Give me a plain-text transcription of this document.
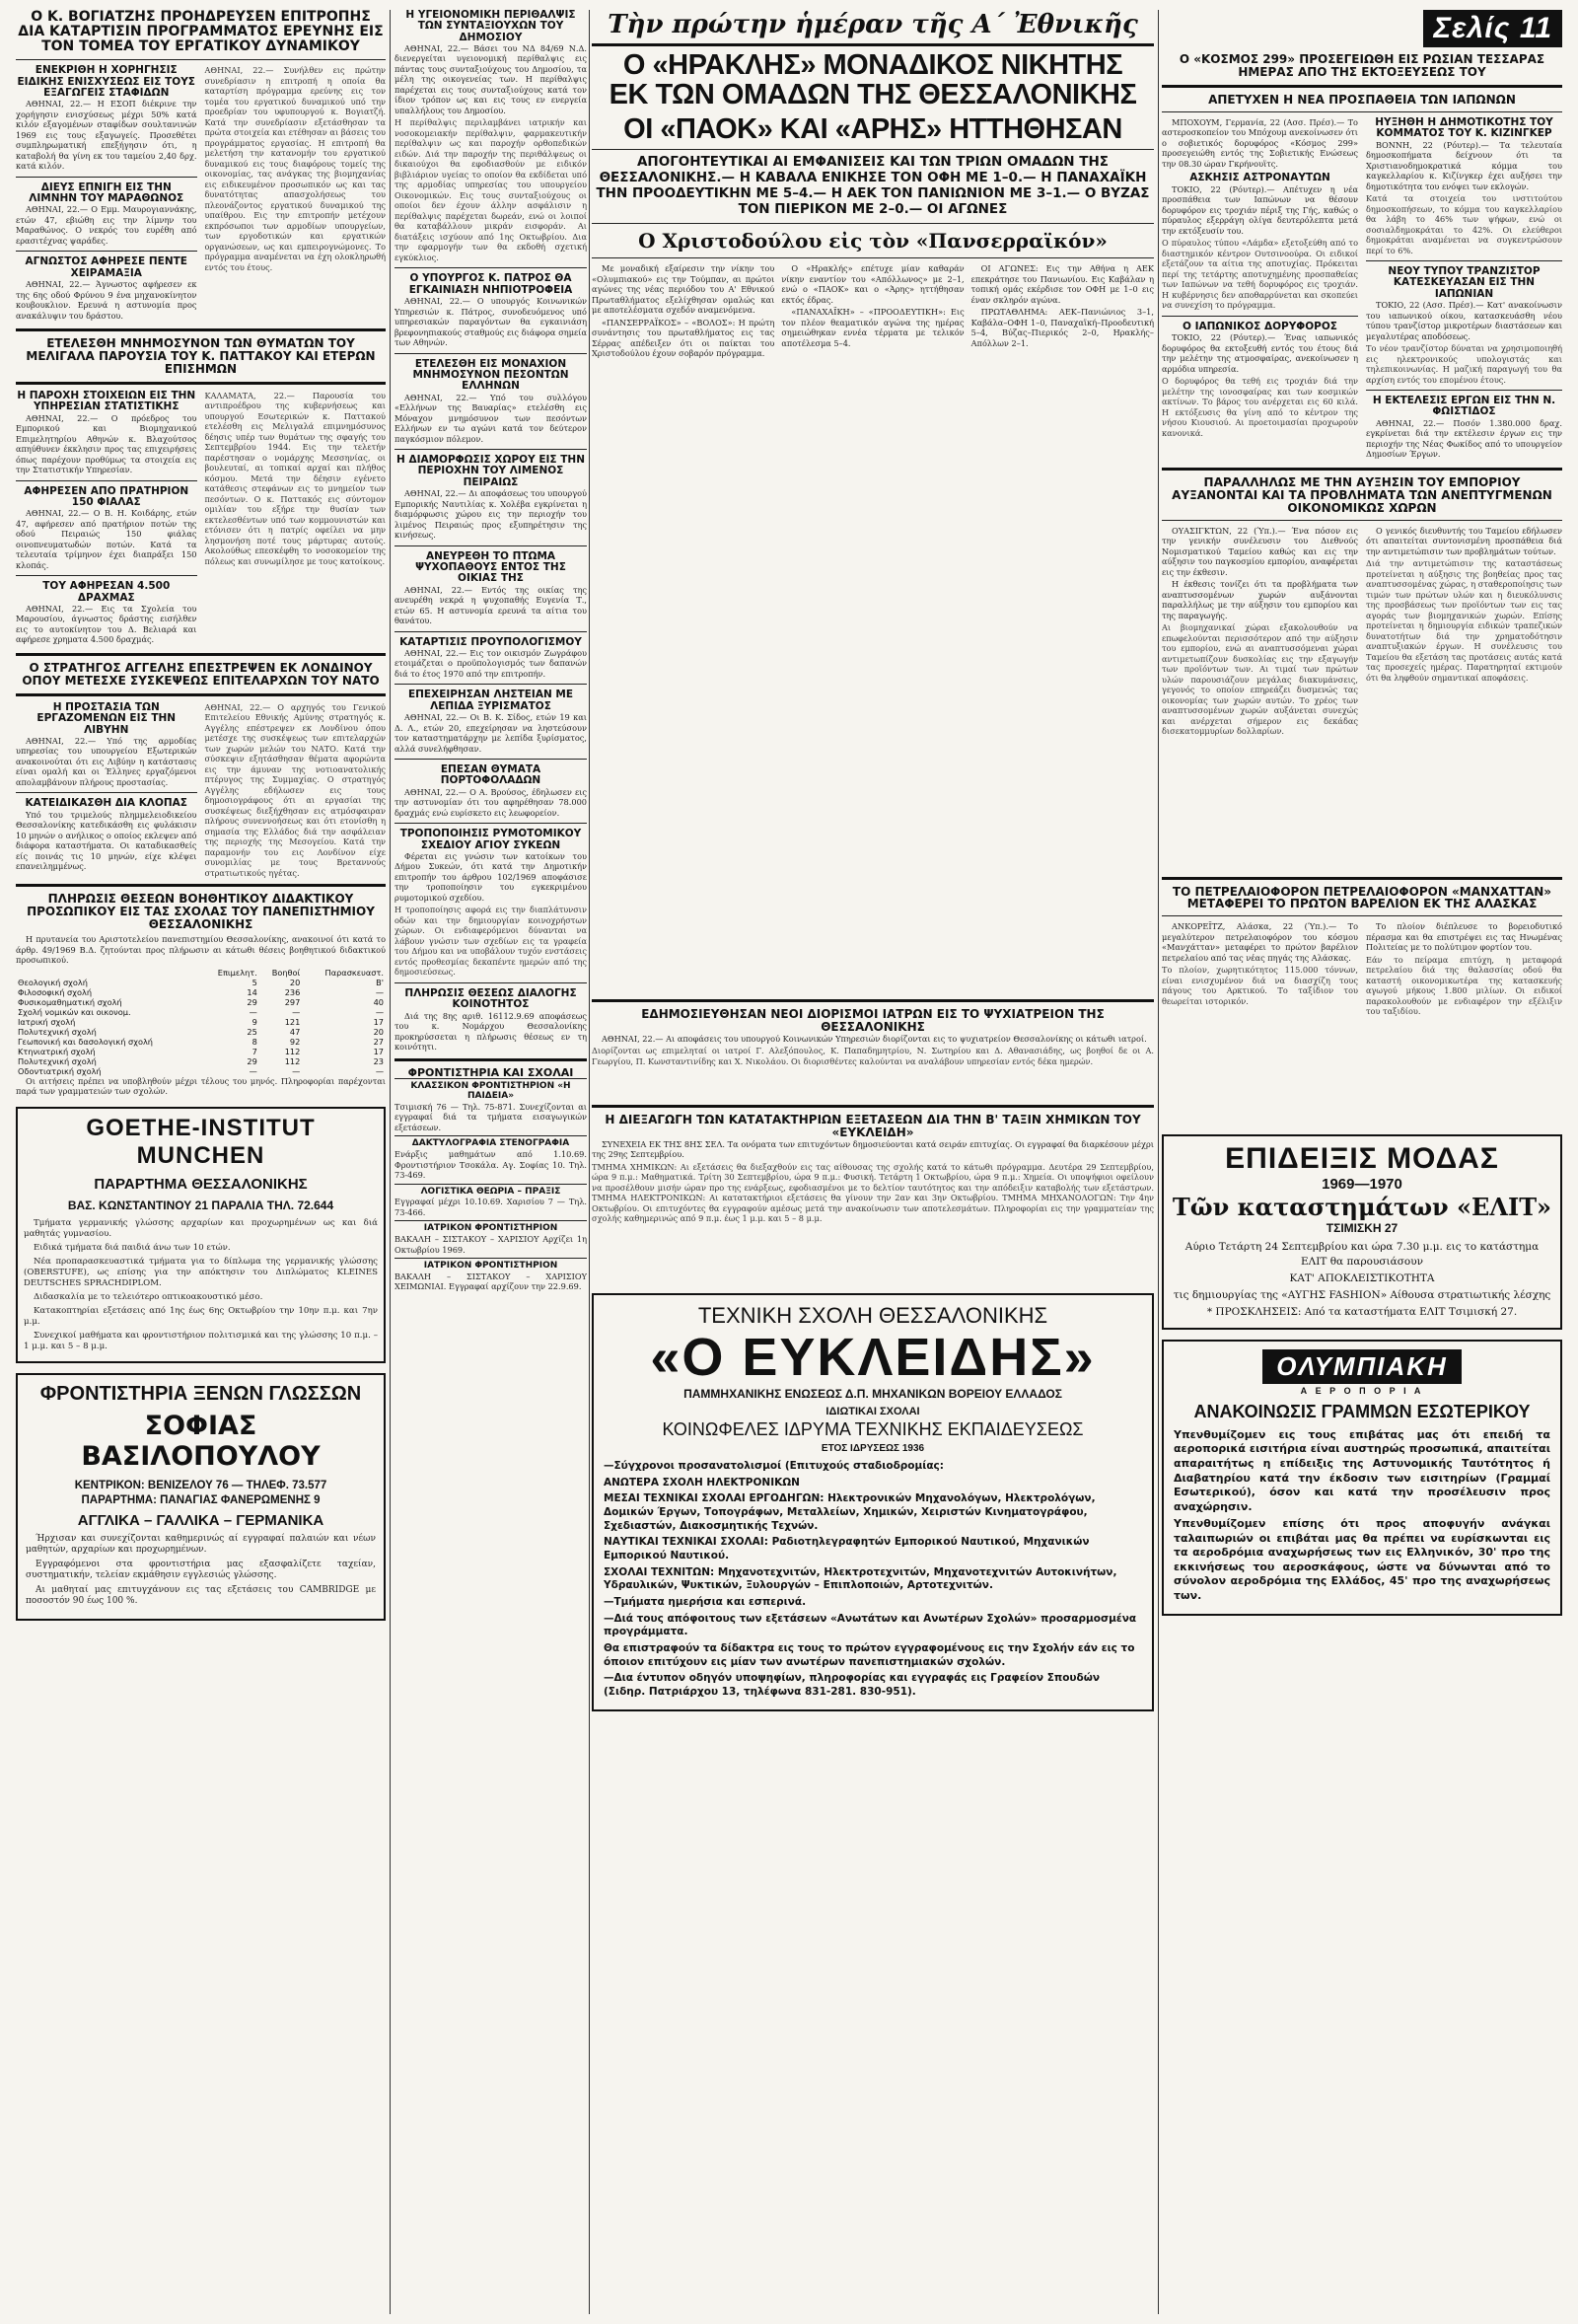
Ο Κ. ΒΟΓΙΑΤΖΗΣ ΠΡΟΗΔΡΕΥΣΕΝ ΕΠΙΤΡΟΠΗΣ ΔΙΑ ΚΑΤΑΡΤΙΣΙΝ ΠΡΟΓΡΑΜΜΑΤΟΣ ΕΡΕΥΝΗΣ ΕΙΣ ΤΟΝ ΤΟΜΕΑ ΤΟΥ ΕΡΓΑΤΙΚΟΥ ΔΥΝΑΜΙΚΟΥ
ΕΝΕΚΡΙΘΗ Η ΧΟΡΗΓΗΣΙΣ ΕΙΔΙΚΗΣ ΕΝΙΣΧΥΣΕΩΣ ΕΙΣ ΤΟΥΣ ΕΞΑΓΩΓΕΙΣ ΣΤΑΦΙΔΩΝ

ΑΘΗΝΑΙ, 22.— Η ΕΣΟΠ διέκρινε την χορήγησιν ενισχύσεως μέχρι 50% κατά κιλόν εξαγομένων σταφίδων σουλτανινών 1969 εις τους εξαγωγείς. Προσεθέτει συμπληρωματική επεξήγησιν ότι, η καταβολή θα γίνη εκ του ταμείου 2,40 δρχ. κατά κιλόν.

ΔΙΕΥΣ ΕΠΝΙΓΗ ΕΙΣ ΤΗΝ ΛΙΜΝΗΝ ΤΟΥ ΜΑΡΑΘΩΝΟΣ

ΑΘΗΝΑΙ, 22.— Ο Εμμ. Μαυρογιαννάκης, ετών 47, εβιώθη εις την λίμνην του Μαραθώνος. Ο νεκρός του ευρέθη από ερασιτέχνας ψαράδες.

ΑΓΝΩΣΤΟΣ ΑΦΗΡΕΣΕ ΠΕΝΤΕ ΧΕΙΡΑΜΑΞΙΑ

ΑΘΗΝΑΙ, 22.— Άγνωστος αφήρεσεν εκ της 6ης οδού Φρύνου 9 ένα μηχανοκίνητον κουβουκλιον. Ερευνά η αστυνομία προς ανακάλυψιν του δράστου.

ΑΘΗΝΑΙ, 22.— Συνήλθεν εις πρώτην συνεδρίασιν η επιτροπή η οποία θα καταρτίση πρόγραμμα ερεύνης εις τον τομέα του εργατικού δυναμικού υπό την προεδρίαν του υφυπουργού κ. Βογιατζή. Κατά την συνεδρίασιν εξετάσθησαν τα πρώτα στοιχεία και ετέθησαν αι βάσεις του προγράμματος εργασίας. Η επιτροπή θα μελετήση την κατανομήν του εργατικού δυναμικού εις τους διαφόρους τομείς της οικονομίας, τας ανάγκας της βιομηχανίας εις ειδικευμένον προσωπικόν ως και τας δυνατότητας απασχολήσεως του πλεονάζοντος εργατικού δυναμικού της υπαίθρου. Εις την επιτροπήν μετέχουν εκπρόσωποι των αρμοδίων υπουργείων, των εργοδοτικών και εργατικών οργανώσεων, ως και εμπειρογνώμονες. Το πρόγραμμα αναμένεται να έχη ολοκληρωθή εντός του έτους.
ΕΤΕΛΕΣΘΗ ΜΝΗΜΟΣΥΝΟΝ ΤΩΝ ΘΥΜΑΤΩΝ ΤΟΥ ΜΕΛΙΓΑΛΑ ΠΑΡΟΥΣΙΑ ΤΟΥ Κ. ΠΑΤΤΑΚΟΥ ΚΑΙ ΕΤΕΡΩΝ ΕΠΙΣΗΜΩΝ
Η ΠΑΡΟΧΗ ΣΤΟΙΧΕΙΩΝ ΕΙΣ ΤΗΝ ΥΠΗΡΕΣΙΑΝ ΣΤΑΤΙΣΤΙΚΗΣ

ΑΘΗΝΑΙ, 22.— Ο πρόεδρος του Εμπορικού και Βιομηχανικού Επιμελητηρίου Αθηνών κ. Βλαχούτσος απηύθυνεν έκκλησιν προς τας επιχειρήσεις όπως παρέχουν προθύμως τα στοιχεία εις την Στατιστικήν Υπηρεσίαν.

ΑΦΗΡΕΣΕΝ ΑΠΟ ΠΡΑΤΗΡΙΟΝ 150 ΦΙΑΛΑΣ

ΑΘΗΝΑΙ, 22.— Ο Β. Η. Κοιδάρης, ετών 47, αφήρεσεν από πρατήριον ποτών της οδού Πειραιώς 150 φιάλας οινοπνευματωδών ποτών. Κατά τα τελευταία τρίμηνον έχει διαπράξει 150 κλοπάς.

ΤΟΥ ΑΦΗΡΕΣΑΝ 4.500 ΔΡΑΧΜΑΣ

ΑΘΗΝΑΙ, 22.— Εις τα Σχολεία του Μαρουσίου, άγνωστος δράστης εισήλθεν εις το αυτοκίνητον του Δ. Βελιαρά και αφήρεσε χρηματα 4.500 δραχμάς.

ΚΑΛΑΜΑΤΑ, 22.— Παρουσία του αντιπροέδρου της κυβερνήσεως και υπουργού Εσωτερικών κ. Παττακού ετελέσθη εις Μελιγαλά επιμνημόσυνος δέησις υπέρ των θυμάτων της σφαγής του Σεπτεμβρίου 1944. Εις την τελετήν παρέστησαν ο νομάρχης Μεσσηνίας, οι βουλευταί, αι τοπικαί αρχαί και πλήθος κόσμου. Μετά την δέησιν εγένετο κατάθεσις στεφάνων εις το μνημείον των πεσόντων. Ο κ. Παττακός εις σύντομον ομιλίαν του εξήρε την θυσίαν των εκτελεσθέντων υπό των κομμουνιστών και ετόνισεν ότι η πατρίς οφείλει να μην λησμονήση ποτέ τους μάρτυρας αυτούς. Ακολούθως επεσκέφθη το νοσοκομείον της πόλεως και συνωμίλησε με τους κατοίκους.
Ο ΣΤΡΑΤΗΓΟΣ ΑΓΓΕΛΗΣ ΕΠΕΣΤΡΕΨΕΝ ΕΚ ΛΟΝΔΙΝΟΥ ΟΠΟΥ ΜΕΤΕΣΧΕ ΣΥΣΚΕΨΕΩΣ ΕΠΙΤΕΛΑΡΧΩΝ ΤΟΥ ΝΑΤΟ
Η ΠΡΟΣΤΑΣΙΑ ΤΩΝ ΕΡΓΑΖΟΜΕΝΩΝ ΕΙΣ ΤΗΝ ΛΙΒΥΗΝ

ΑΘΗΝΑΙ, 22.— Υπό της αρμοδίας υπηρεσίας του υπουργείου Εξωτερικών ανακοινούται ότι εις Λιβύην η κατάστασις είναι ομαλή και οι Έλληνες εργαζόμενοι απολαμβάνουν πλήρους προστασίας.

ΚΑΤΕΙΔΙΚΑΣΘΗ ΔΙΑ ΚΛΟΠΑΣ

Υπό του τριμελούς πλημμελειοδικείου Θεσσαλονίκης κατεδικάσθη εις φυλάκισιν 10 μηνών ο ανήλικος ο οποίος εκλεψεν από διάφορα καταστήματα. Οι καταδικασθείς είς ποινάς τις 10 μηνών, είχε κλέψει επανειλημμένως.

ΑΘΗΝΑΙ, 22.— Ο αρχηγός του Γενικού Επιτελείου Εθνικής Αμύνης στρατηγός κ. Αγγέλης επέστρεψεν εκ Λονδίνου όπου μετέσχε της συσκέψεως των επιτελαρχών των χωρών μελών του ΝΑΤΟ. Κατά την σύσκεψιν εξητάσθησαν θέματα αφορώντα εις την άμυναν της νοτιοανατολικής πτέρυγος της Συμμαχίας. Ο στρατηγός Αγγέλης εδήλωσεν εις τους δημοσιογράφους ότι αι εργασίαι της συσκέψεως διεξήχθησαν εις ατμόσφαιραν πλήρους συνεννοήσεως και ότι ετονίσθη η σημασία της Ελλάδος διά την ασφάλειαν της περιοχής της Μεσογείου. Κατά την παραμονήν του εις Λονδίνον είχε συνομιλίας με τους Βρεταννούς στρατιωτικούς ηγέτας.
ΠΛΗΡΩΣΙΣ ΘΕΣΕΩΝ ΒΟΗΘΗΤΙΚΟΥ ΔΙΔΑΚΤΙΚΟΥ ΠΡΟΣΩΠΙΚΟΥ ΕΙΣ ΤΑΣ ΣΧΟΛΑΣ ΤΟΥ ΠΑΝΕΠΙΣΤΗΜΙΟΥ ΘΕΣΣΑΛΟΝΙΚΗΣ

Η πρυτανεία του Αριστοτελείου πανεπιστημίου Θεσσαλονίκης, ανακοινοί ότι κατά το άρθρ. 49/1969 Β.Δ. ζητούνται προς πλήρωσιν αι κάτωθι θέσεις βοηθητικού διδακτικού προσωπικού.

	Επιμελητ.	Βοηθοί	Παρασκευαστ.
Θεολογική σχολή	5	20	Β'
Φιλοσοφική σχολή	14	236	—
Φυσικομαθηματική σχολή	29	297	40
Σχολή νομικών και οικονομ.	—	—	—
Ιατρική σχολή	9	121	17
Πολυτεχνική σχολή	25	47	20
Γεωπονική και δασολογική σχολή	8	92	27
Κτηνιατρική σχολή	7	112	17
Πολυτεχνική σχολή	29	112	23
Οδοντιατρική σχολή	—	—	—

Οι αιτήσεις πρέπει να υποβληθούν μέχρι τέλους του μηνός. Πληροφορίαι παρέχονται παρά των γραμματειών των σχολών.

GOETHE-INSTITUT MUNCHEN
ΠΑΡΑΡΤΗΜΑ ΘΕΣΣΑΛΟΝΙΚΗΣ
ΒΑΣ. ΚΩΝΣΤΑΝΤΙΝΟΥ 21 ΠΑΡΑΛΙΑ ΤΗΛ. 72.644

Τμήματα γερμανικής γλώσσης αρχαρίων και προχωρημένων ως και διά μαθητάς γυμνασίου.

Ειδικά τμήματα διά παιδιά άνω των 10 ετών.

Νέα προπαρασκευαστικά τμήματα για το δίπλωμα της γερμανικής γλώσσης (OBERSTUFE), ως επίσης για την απόκτησιν του Διπλώματος KLEINES DEUTSCHES SPRACHDIPLOM.

Διδασκαλία με το τελειότερο οπτικοακουστικό μέσο.

Κατακοπτηρίαι εξετάσεις από 1ης έως 6ης Οκτωβρίου την 10ην π.μ. και 7ην μ.μ.

Συνεχικοί μαθήματα και φροντιστήριον πολιτισμικά και της γλώσσης 10 π.μ. – 1 μ.μ. και 5 – 8 μ.μ.

ΦΡΟΝΤΙΣΤΗΡΙΑ ΞΕΝΩΝ ΓΛΩΣΣΩΝ
ΣΟΦΙΑΣ ΒΑΣΙΛΟΠΟΥΛΟΥ
ΚΕΝΤΡΙΚΟΝ: ΒΕΝΙΖΕΛΟΥ 76 — ΤΗΛΕΦ. 73.577
ΠΑΡΑΡΤΗΜΑ: ΠΑΝΑΓΙΑΣ ΦΑΝΕΡΩΜΕΝΗΣ 9
ΑΓΓΛΙΚΑ – ΓΑΛΛΙΚΑ – ΓΕΡΜΑΝΙΚΑ

Ήρχισαν και συνεχίζονται καθημερινώς αί εγγραφαί παλαιών και νέων μαθητών, αρχαρίων και προχωρημένων.

Εγγραφόμενοι στα φροντιστήρια μας εξασφαλίζετε ταχείαν, συστηματικήν, τελείαν εκμάθησιν εγγλεσιώς γλώσσης.

Αι μαθηταί μας επιτυγχάνουν εις τας εξετάσεις του CAMBRIDGE με ποσοστόν 90 έως 100 %.

Η ΥΓΕΙΟΝΟΜΙΚΗ ΠΕΡΙΘΑΛΨΙΣ ΤΩΝ ΣΥΝΤΑΞΙΟΥΧΩΝ ΤΟΥ ΔΗΜΟΣΙΟΥ

ΑΘΗΝΑΙ, 22.— Βάσει του ΝΔ 84/69 Ν.Δ. διενεργείται υγειονομική περίθαλψις εις πάντας τους συνταξιούχους του Δημοσίου, τα μέλη της οικογενείας των. Η περίθαλψις παρέχεται εις τους συνταξιούχους κατά τον ίδιον τρόπον ως και εις τους εν ενεργεία υπαλλήλους του Δημοσίου.

Η περίθαλψις περιλαμβάνει ιατρικήν και νοσοκομειακήν περίθαλψιν, φαρμακευτικήν περίθαλψιν ως και παροχήν ορθοπεδικών ειδών. Διά την παροχήν της περιθάλψεως οι δικαιούχοι θα εφοδιασθούν με ειδικόν βιβλιάριον υγείας το οποίον θα εκδίδεται υπό της αρμοδίας υπηρεσίας του υπουργείου Οικονομικών. Εις τους συνταξιούχους οι οποίοι δεν έχουν άλλην ασφάλισιν η περίθαλψις παρέχεται δωρεάν, ενώ οι λοιποί θα καταβάλλουν μικράν εισφοράν. Αι διατάξεις ισχύουν από 1ης Οκτωβρίου. Δια την εφαρμογήν των θα εκδοθή σχετική εγκύκλιος.
Ο ΥΠΟΥΡΓΟΣ Κ. ΠΑΤΡΟΣ ΘΑ ΕΓΚΑΙΝΙΑΣΗ ΝΗΠΙΟΤΡΟΦΕΙΑ

ΑΘΗΝΑΙ, 22.— Ο υπουργός Κοινωνικών Υπηρεσιών κ. Πάτρος, συνοδευόμενος υπό υπηρεσιακών παραγόντων θα εγκαινιάση βρεφονηπιακούς σταθμούς εις διάφορα σημεία των Αθηνών.

ΕΤΕΛΕΣΘΗ ΕΙΣ ΜΟΝΑΧΙΟΝ ΜΝΗΜΟΣΥΝΟΝ ΠΕΣΟΝΤΩΝ ΕΛΛΗΝΩΝ

ΑΘΗΝΑΙ, 22.— Υπό του συλλόγου «Ελλήνων της Βαυαρίας» ετελέσθη εις Μόναχον μνημόσυνον των πεσόντων Ελλήνων εν τω αγώνι κατά τον δεύτερον παγκόσμιον πόλεμον.

Η ΔΙΑΜΟΡΦΩΣΙΣ ΧΩΡΟΥ ΕΙΣ ΤΗΝ ΠΕΡΙΟΧΗΝ ΤΟΥ ΛΙΜΕΝΟΣ ΠΕΙΡΑΙΩΣ

ΑΘΗΝΑΙ, 22.— Δι αποφάσεως του υπουργού Εμπορικής Ναυτιλίας κ. Χολέβα εγκρίνεται η διαμόρφωσις χώρου εις την περιοχήν του λιμένος Πειραιώς προς εξυπηρέτησιν της κινήσεως.

ΑΝΕΥΡΕΘΗ ΤΟ ΠΤΩΜΑ ΨΥΧΟΠΑΘΟΥΣ ΕΝΤΟΣ ΤΗΣ ΟΙΚΙΑΣ ΤΗΣ

ΑΘΗΝΑΙ, 22.— Εντός της οικίας της ανευρέθη νεκρά η ψυχοπαθής Ευγενία Τ., ετών 65. Η αστυνομία ερευνά τα αίτια του θανάτου.

ΚΑΤΑΡΤΙΣΙΣ ΠΡΟΥΠΟΛΟΓΙΣΜΟΥ

ΑΘΗΝΑΙ, 22.— Εις τον οικισμόν Ζωγράφου ετοιμάζεται ο προϋπολογισμός των δαπανών διά το έτος 1970 από την επιτροπήν.

ΕΠΕΧΕΙΡΗΣΑΝ ΛΗΣΤΕΙΑΝ ΜΕ ΛΕΠΙΔΑ ΞΥΡΙΣΜΑΤΟΣ

ΑΘΗΝΑΙ, 22.— Οι Β. Κ. Σίδος, ετών 19 και Δ. Λ., ετών 20, επεχείρησαν να ληστεύσουν τον καταστηματάρχην με λεπίδα ξυρίσματος, αλλά συνελήφθησαν.

ΕΠΕΣΑΝ ΘΥΜΑΤΑ ΠΟΡΤΟΦΟΛΑΔΩΝ

ΑΘΗΝΑΙ, 22.— Ο Α. Βρούσος, έδηλωσεν εις την αστυνομίαν ότι του αφηρέθησαν 78.000 δραχμάς ενώ ευρίσκετο εις λεωφορείον.

ΤΡΟΠΟΠΟΙΗΣΙΣ ΡΥΜΟΤΟΜΙΚΟΥ ΣΧΕΔΙΟΥ ΑΓΙΟΥ ΣΥΚΕΩΝ

Φέρεται εις γνώσιν των κατοίκων του Δήμου Συκεών, ότι κατά την Δημοτικήν επιτροπήν του άρθρου 102/1969 αποφάσισε την τροποποίησιν του εγκεκριμένου ρυμοτομικού σχεδίου.

Η τροποποίησις αφορά εις την διαπλάτυνσιν οδών και την δημιουργίαν κοινοχρήστων χώρων. Οι ενδιαφερόμενοι δύνανται να λάβουν γνώσιν των σχεδίων εις τα γραφεία του Δήμου και να υποβάλουν τυχόν ενστάσεις εντός προθεσμίας δεκαπέντε ημερών από της δημοσιεύσεως.
ΠΛΗΡΩΣΙΣ ΘΕΣΕΩΣ ΔΙΑΛΟΓΗΣ ΚΟΙΝΟΤΗΤΟΣ

Διά της 8ης αριθ. 16112.9.69 αποφάσεως του κ. Νομάρχου Θεσσαλονίκης προκηρύσσεται η πλήρωσις θέσεως εν τη κοινότητι.

ΦΡΟΝΤΙΣΤΗΡΙΑ ΚΑΙ ΣΧΟΛΑΙ
ΚΛΑΣΣΙΚΟΝ ΦΡΟΝΤΙΣΤΗΡΙΟΝ «Η ΠΑΙΔΕΙΑ»
Τσιμισκή 76 — Τηλ. 75-871. Συνεχίζονται αι εγγραφαί διά τα τμήματα εισαγωγικών εξετάσεων.
ΔΑΚΤΥΛΟΓΡΑΦΙΑ ΣΤΕΝΟΓΡΑΦΙΑ
Ενάρξις μαθημάτων από 1.10.69. Φροντιστήριον Τσοκάλα. Αγ. Σοφίας 10. Τηλ. 73-469.
ΛΟΓΙΣΤΙΚΑ ΘΕΩΡΙΑ – ΠΡΑΞΙΣ
Εγγραφαί μέχρι 10.10.69. Χαρισίου 7 — Τηλ. 73-466.
ΙΑΤΡΙΚΟΝ ΦΡΟΝΤΙΣΤΗΡΙΟΝ
ΒΑΚΑΛΗ – ΣΙΣΤΑΚΟΥ – ΧΑΡΙΣΙΟΥ Αρχίζει 1η Οκτωβρίου 1969.
ΙΑΤΡΙΚΟΝ ΦΡΟΝΤΙΣΤΗΡΙΟΝ
ΒΑΚΑΛΗ – ΣΙΣΤΑΚΟΥ – ΧΑΡΙΣΙΟΥ ΧΕΙΜΩΝΙΑΙ. Εγγραφαί αρχίζουν την 22.9.69.
Τὴν πρώτην ἡμέραν τῆς Α΄ Ἐθνικῆς
Ο «ΗΡΑΚΛΗΣ» ΜΟΝΑΔΙΚΟΣ ΝΙΚΗΤΗΣ
ΕΚ ΤΩΝ ΟΜΑΔΩΝ ΤΗΣ ΘΕΣΣΑΛΟΝΙΚΗΣ
ΟΙ «ΠΑΟΚ» ΚΑΙ «ΑΡΗΣ» ΗΤΤΗΘΗΣΑΝ
ΑΠΟΓΟΗΤΕΥΤΙΚΑΙ ΑΙ ΕΜΦΑΝΙΣΕΙΣ ΚΑΙ ΤΩΝ ΤΡΙΩΝ ΟΜΑΔΩΝ ΤΗΣ ΘΕΣΣΑΛΟΝΙΚΗΣ.— Η ΚΑΒΑΛΑ ΕΝΙΚΗΣΕ ΤΟΝ ΟΦΗ ΜΕ 1–0.— Η ΠΑΝΑΧΑΪΚΗ ΤΗΝ ΠΡΟΟΔΕΥΤΙΚΗΝ ΜΕ 5–4.— Η ΑΕΚ ΤΟΝ ΠΑΝΙΩΝΙΟΝ ΜΕ 3–1.— Ο ΒΥΖΑΣ ΤΟΝ ΠΙΕΡΙΚΟΝ ΜΕ 2–0.— ΟΙ ΑΓΩΝΕΣ
Ο Χριστοδούλου εἰς τὸν «Πανσερραϊκόν»

Με μοναδική εξαίρεσιν την νίκην του «Ολυμπιακού» εις την Τούμπαν, αι πρώτοι αγώνες της νέας περιόδου του Α' Εθνικού Πρωταθλήματος εξελίχθησαν ομαλώς και με αποτελέσματα σχεδόν αναμενόμενα.

«ΠΑΝΣΕΡΡΑΪΚΟΣ» – «ΒΟΛΟΣ»: Η πρώτη συνάντησις του πρωταθλήματος εις τας Σέρρας απέδειξεν ότι οι παίκται του Χριστοδούλου έχουν σοβαρόν πρόγραμμα.

Ο «Ηρακλής» επέτυχε μίαν καθαράν νίκην εναντίον του «Απόλλωνος» με 2–1, ενώ ο «ΠΑΟΚ» και ο «Άρης» ηττήθησαν εκτός έδρας.

«ΠΑΝΑΧΑΪΚΗ» – «ΠΡΟΟΔΕΥΤΙΚΗ»: Εις τον πλέον θεαματικόν αγώνα της ημέρας σημειώθηκαν εννέα τέρματα με τελικόν αποτέλεσμα 5–4.

ΟΙ ΑΓΩΝΕΣ: Εις την Αθήνα η ΑΕΚ επεκράτησε του Πανιωνίου. Εις Καβάλαν η τοπική ομάς εκέρδισε τον ΟΦΗ με 1–0 εις έναν σκληρόν αγώνα.

ΠΡΩΤΑΘΛΗΜΑ: ΑΕΚ–Πανιώνιος 3–1, Καβάλα–ΟΦΗ 1–0, Παναχαϊκή–Προοδευτική 5–4, Βύζας–Πιερικός 2–0, Ηρακλής–Απόλλων 2–1.

ΕΔΗΜΟΣΙΕΥΘΗΣΑΝ ΝΕΟΙ ΔΙΟΡΙΣΜΟΙ ΙΑΤΡΩΝ ΕΙΣ ΤΟ ΨΥΧΙΑΤΡΕΙΟΝ ΤΗΣ ΘΕΣΣΑΛΟΝΙΚΗΣ

ΑΘΗΝΑΙ, 22.— Αι αποφάσεις του υπουργού Κοινωνικών Υπηρεσιών διορίζονται εις το ψυχιατρείον Θεσσαλονίκης οι κάτωθι ιατροί.

Διορίζονται ως επιμεληταί οι ιατροί Γ. Αλεξόπουλος, Κ. Παπαδημητρίου, Ν. Σωτηρίου και Δ. Αθανασιάδης, ως βοηθοί δε οι Α. Γεωργίου, Π. Κωνσταντινίδης και Χ. Νικολάου. Οι διορισθέντες καλούνται να αναλάβουν υπηρεσίαν εντός δέκα ημερών.
Η ΔΙΕΞΑΓΩΓΗ ΤΩΝ ΚΑΤΑΤΑΚΤΗΡΙΩΝ ΕΞΕΤΑΣΕΩΝ ΔΙΑ ΤΗΝ Β' ΤΑΞΙΝ ΧΗΜΙΚΩΝ ΤΟΥ «ΕΥΚΛΕΙΔΗ»

ΣΥΝΕΧΕΙΑ ΕΚ ΤΗΣ 8ΗΣ ΣΕΛ. Τα ονόματα των επιτυχόντων δημοσιεύονται κατά σειράν επιτυχίας. Οι εγγραφαί θα διαρκέσουν μέχρι της 29ης Σεπτεμβρίου.

ΤΜΗΜΑ ΧΗΜΙΚΩΝ: Αι εξετάσεις θα διεξαχθούν εις τας αίθουσας της σχολής κατά το κάτωθι πρόγραμμα. Δευτέρα 29 Σεπτεμβρίου, ώρα 9 π.μ.: Μαθηματικά. Τρίτη 30 Σεπτεμβρίου, ώρα 9 π.μ.: Φυσική. Τετάρτη 1 Οκτωβρίου, ώρα 9 π.μ.: Χημεία. Οι υποψήφιοι οφείλουν να προσέλθουν μισήν ώραν προ της ενάρξεως, εφοδιασμένοι με το δελτίον ταυτότητος και την απόδειξιν καταβολής των εξετάστρων. ΤΜΗΜΑ ΗΛΕΚΤΡΟΝΙΚΩΝ: Αι κατατακτήριοι εξετάσεις θα γίνουν την 2αν και 3ην Οκτωβρίου. ΤΜΗΜΑ ΜΗΧΑΝΟΛΟΓΩΝ: Την 4ην Οκτωβρίου. Οι επιτυχόντες θα εγγραφούν αμέσως μετά την ανακοίνωσιν των αποτελεσμάτων. Πληροφορίαι εις την γραμματείαν της σχολής καθημερινώς από 9 π.μ. έως 1 μ.μ. και 5 – 8 μ.μ.
ΤΕΧΝΙΚΗ ΣΧΟΛΗ ΘΕΣΣΑΛΟΝΙΚΗΣ
«Ο ΕΥΚΛΕΙΔΗΣ»
ΠΑΜΜΗΧΑΝΙΚΗΣ ΕΝΩΣΕΩΣ Δ.Π. ΜΗΧΑΝΙΚΩΝ ΒΟΡΕΙΟΥ ΕΛΛΑΔΟΣ
ΙΔΙΩΤΙΚΑΙ ΣΧΟΛΑΙ
ΚΟΙΝΩΦΕΛΕΣ ΙΔΡΥΜΑ ΤΕΧΝΙΚΗΣ ΕΚΠΑΙΔΕΥΣΕΩΣ
ΕΤΟΣ ΙΔΡΥΣΕΩΣ 1936

—Σύγχρονοι προσανατολισμοί (Επιτυχούς σταδιοδρομίας:

ΑΝΩΤΕΡΑ ΣΧΟΛΗ ΗΛΕΚΤΡΟΝΙΚΩΝ

ΜΕΣΑΙ ΤΕΧΝΙΚΑΙ ΣΧΟΛΑΙ ΕΡΓΟΔΗΓΩΝ: Ηλεκτρονικών Μηχανολόγων, Ηλεκτρολόγων, Δομικών Έργων, Τοπογράφων, Μεταλλείων, Χημικών, Χειριστών Κινηματογράφου, Σχεδιαστών, Διακοσμητικής Τεχνών.

ΝΑΥΤΙΚΑΙ ΤΕΧΝΙΚΑΙ ΣΧΟΛΑΙ: Ραδιοτηλεγραφητών Εμπορικού Ναυτικού, Μηχανικών Εμπορικού Ναυτικού.

ΣΧΟΛΑΙ ΤΕΧΝΙΤΩΝ: Μηχανοτεχνιτών, Ηλεκτροτεχνιτών, Μηχανοτεχνιτών Αυτοκινήτων, Υδραυλικών, Ψυκτικών, Ξυλουργών – Επιπλοποιών, Αρτοτεχνιτών.

—Τμήματα ημερήσια και εσπερινά.

—Διά τους απόφοιτους των εξετάσεων «Ανωτάτων και Ανωτέρων Σχολών» προσαρμοσμένα προγράμματα.

Θα επιστραφούν τα δίδακτρα εις τους το πρώτον εγγραφομένους εις την Σχολήν εάν εις το όποιον επιτύχουν εις μίαν των ανωτέρων πανεπιστημιακών σχολών.

—Δια έντυπον οδηγόν υποψηφίων, πληροφορίας και εγγραφάς εις Γραφείον Σπουδών (Σιδηρ. Πατριάρχου 13, τηλέφωνα 831-281. 830-951).

Σελίς 11
Ο «ΚΟΣΜΟΣ 299» ΠΡΟΣΕΓΕΙΩΘΗ ΕΙΣ ΡΩΣΙΑΝ ΤΕΣΣΑΡΑΣ ΗΜΕΡΑΣ ΑΠΟ ΤΗΣ ΕΚΤΟΞΕΥΣΕΩΣ ΤΟΥ
ΑΠΕΤΥΧΕΝ Η ΝΕΑ ΠΡΟΣΠΑΘΕΙΑ ΤΩΝ ΙΑΠΩΝΩΝ

ΜΠΟΧΟΥΜ, Γερμανία, 22 (Ασσ. Πρέσ).— Το αστεροσκοπείον του Μπόχουμ ανεκοίνωσεν ότι ο σοβιετικός δορυφόρος «Κόσμος 299» προσεγειώθη εντός της Σοβιετικής Ενώσεως την 08.30 ώραν Γκρήνουϊτς.

ΑΣΚΗΣΙΣ ΑΣΤΡΟΝΑΥΤΩΝ

ΤΟΚΙΟ, 22 (Ρόυτερ).— Απέτυχεν η νέα προσπάθεια των Ιαπώνων να θέσουν δορυφόρον εις τροχιάν πέριξ της Γής, καθώς ο πύραυλος εξερράγη ολίγα δευτερόλεπτα μετά την εκτόξευσίν του.

Ο πύραυλος τύπου «Λάμδα» εξετοξεύθη από το διαστημικόν κέντρον Ουτσινοούρα. Οι ειδικοί εξετάζουν τα αίτια της αποτυχίας. Πρόκειται περί της τετάρτης αποτυχημένης προσπαθείας των Ιαπώνων να τεθή δορυφόρος εις τροχιάν. Η κυβέρνησις δεν αποθαρρύνεται και σκοπεύει να συνεχίση το πρόγραμμα.
Ο ΙΑΠΩΝΙΚΟΣ ΔΟΡΥΦΟΡΟΣ

ΤΟΚΙΟ, 22 (Ρόυτερ).— Ένας ιαπωνικός δορυφόρος θα εκτοξευθή εντός του έτους διά την μελέτην της ατμοσφαίρας, ανεκοίνωσεν η αρμόδια υπηρεσία.

Ο δορυφόρος θα τεθή εις τροχιάν διά την μελέτην της ιονοσφαίρας και των κοσμικών ακτίνων. Το βάρος του ανέρχεται εις 60 κιλά. Η εκτόξευσις θα γίνη από το κέντρον της νήσου Κιουσιού. Αι προετοιμασίαι προχωρούν κανονικά.
ΗΥΞΗΘΗ Η ΔΗΜΟΤΙΚΟΤΗΣ ΤΟΥ ΚΟΜΜΑΤΟΣ ΤΟΥ Κ. ΚΙΖΙΝΓΚΕΡ

ΒΟΝΝΗ, 22 (Ρόυτερ).— Τα τελευταία δημοσκοπήματα δείχνουν ότι τα Χριστιανοδημοκρατικά κόμμα του καγκελλαρίου κ. Κιζίνγκερ έχει αυξήσει την δημοτικότητα του ενόψει των εκλογών.

Κατά τα στοιχεία του ινστιτούτου δημοσκοπήσεων, το κόμμα του καγκελλαρίου θα λάβη το 46% των ψήφων, ενώ οι σοσιαλδημοκράται το 42%. Οι ελεύθεροι δημοκράται αναμένεται να συγκεντρώσουν περί το 6%.
ΝΕΟΥ ΤΥΠΟΥ ΤΡΑΝΖΙΣΤΟΡ ΚΑΤΕΣΚΕΥΑΣΑΝ ΕΙΣ ΤΗΝ ΙΑΠΩΝΙΑΝ

ΤΟΚΙΟ, 22 (Ασσ. Πρέσ).— Κατ' ανακοίνωσιν του ιαπωνικού οίκου, κατασκευάσθη νέου τύπου τρανζίστορ μικροτέρων διαστάσεων και μεγαλυτέρας αποδόσεως.

Το νέον τρανζίστορ δύναται να χρησιμοποιηθή εις ηλεκτρονικούς υπολογιστάς και τηλεπικοινωνίας. Η μαζική παραγωγή του θα αρχίση εντός του επομένου έτους.
Η ΕΚΤΕΛΕΣΙΣ ΕΡΓΩΝ ΕΙΣ ΤΗΝ Ν. ΦΩΙΣΤΙΔΟΣ

ΑΘΗΝΑΙ, 22.— Ποσόν 1.380.000 δραχ. εγκρίνεται διά την εκτέλεσιν έργων εις την περιοχήν της Νέας Φωκίδος από το υπουργείον Δημοσίων Έργων.

ΠΑΡΑΛΛΗΛΩΣ ΜΕ ΤΗΝ ΑΥΞΗΣΙΝ ΤΟΥ ΕΜΠΟΡΙΟΥ ΑΥΞΑΝΟΝΤΑΙ ΚΑΙ ΤΑ ΠΡΟΒΛΗΜΑΤΑ ΤΩΝ ΑΝΕΠΤΥΓΜΕΝΩΝ ΟΙΚΟΝΟΜΙΚΩΣ ΧΩΡΩΝ

ΟΥΑΣΙΓΚΤΩΝ, 22 (Ύπ.).— Ένα πόσον εις την γενικήν συνέλευσιν του Διεθνούς Νομισματικού Ταμείου καθώς και εις την αύξησιν του παγκοσμίου εμπορίου, αναφέρεται εις την έκθεσιν.

Η έκθεσις τονίζει ότι τα προβλήματα των αναπτυσσομένων χωρών αυξάνονται παραλλήλως με την αύξησιν του εμπορίου και της παραγωγής.

Αι βιομηχανικαί χώραι εξακολουθούν να επωφελούνται περισσότερον από την αύξησιν του εμπορίου, ενώ αι αναπτυσσόμεναι χώραι αντιμετωπίζουν δυσκολίας εις την εξαγωγήν των προϊόντων των. Αι τιμαί των πρώτων υλών παρουσιάζουν μεγάλας διακυμάνσεις, γεγονός το οποίον επηρεάζει δυσμενώς τας οικονομίας των χωρών αυτών. Το χρέος των αναπτυσσομένων χωρών αυξάνεται συνεχώς και ανέρχεται σήμερον εις δεκάδας δισεκατομμυρίων δολλαρίων.

Ο γενικός διευθυντής του Ταμείου εδήλωσεν ότι απαιτείται συντονισμένη προσπάθεια διά την αντιμετώπισιν των προβλημάτων τούτων.

Διά την αντιμετώπισιν της καταστάσεως προτείνεται η αύξησις της βοηθείας προς τας αναπτυσσομένας χώρας, η σταθεροποίησις των τιμών των πρώτων υλών και η διευκόλυνσις της προσβάσεως των προϊόντων των εις τας αγοράς των βιομηχανικών χωρών. Επίσης προτείνεται η δημιουργία ειδικών τραπεζικών δυνατοτήτων διά την χρηματοδότησιν αναπτυξιακών έργων. Η συνέλευσις του Ταμείου θα εξετάση τας προτάσεις αυτάς κατά τας προσεχείς ημέρας. Παρατηρηταί εκτιμούν ότι θα ληφθούν σημαντικαί αποφάσεις.
ΤΟ ΠΕΤΡΕΛΑΙΟΦΟΡΟΝ ΠΕΤΡΕΛΑΙΟΦΟΡΟΝ «ΜΑΝΧΑΤΤΑΝ» ΜΕΤΑΦΕΡΕΙ ΤΟ ΠΡΩΤΟΝ ΒΑΡΕΛΙΟΝ ΕΚ ΤΗΣ ΑΛΑΣΚΑΣ

ΑΝΚΟΡΕΪΤΖ, Αλάσκα, 22 (Ύπ.).— Το μεγαλύτερον πετρελαιοφόρον του κόσμου «Μανχάτταν» μεταφέρει το πρώτον βαρέλιον πετρελαίου από τας νέας πηγάς της Αλάσκας.

Το πλοίον, χωρητικότητος 115.000 τόννων, είναι ενισχυμένον διά να διασχίζη τους πάγους του Αρκτικού. Το ταξίδιον του θεωρείται ιστορικόν.

Το πλοίον διέπλευσε το βορειοδυτικό πέρασμα και θα επιστρέψει εις τας Ηνωμένας Πολιτείας με το πολύτιμον φορτίον του.

Εάν το πείραμα επιτύχη, η μεταφορά πετρελαίου διά της θαλασσίας οδού θα καταστή οικονομικωτέρα της κατασκευής αγωγού μήκους 1.800 μιλίων. Οι ειδικοί παρακολουθούν με ενδιαφέρον την εξέλιξιν του ταξιδίου.
ΕΠΙΔΕΙΞΙΣ ΜΟΔΑΣ
1969—1970
Τῶν καταστημάτων «ΕΛΙΤ»
ΤΣΙΜΙΣΚΗ 27

Αύριο Τετάρτη 24 Σεπτεμβρίου και ώρα 7.30 μ.μ. εις το κατάστημα ΕΛΙΤ θα παρουσιάσουν

ΚΑΤ' ΑΠΟΚΛΕΙΣΤΙΚΟΤΗΤΑ

τις δημιουργίας της «ΑΥΓΗΣ FASHION» Αίθουσα στρατιωτικής λέσχης

* ΠΡΟΣΚΛΗΣΕΙΣ: Από τα καταστήματα ΕΛΙΤ Τσιμισκή 27.

ΟΛΥΜΠΙΑΚΗ
Α Ε Ρ Ο Π Ο Ρ Ι Α
ΑΝΑΚΟΙΝΩΣΙΣ ΓΡΑΜΜΩΝ ΕΣΩΤΕΡΙΚΟΥ

Υπενθυμίζομεν εις τους επιβάτας μας ότι επειδή τα αεροπορικά εισιτήρια είναι αυστηρώς προσωπικά, απαιτείται απαραιτήτως η επίδειξις της Αστυνομικής Ταυτότητος ή Διαβατηρίου κατά την έκδοσιν των εισιτηρίων (Γραμμαί Εσωτερικού), όσον και κατά την προσέλευσιν προς αναχώρησιν.

Υπενθυμίζομεν επίσης ότι προς αποφυγήν ανάγκαι ταλαιπωριών οι επιβάται μας θα πρέπει να ευρίσκωνται εις τα αεροδρόμια αναχωρήσεως των εις Ελληνικόν, 30' προ της εκκινήσεως του αεροσκάφους, ώστε να δύνωνται από το σύνολον αεροδρόμια της Ελλάδος, 45' προ της αναχωρήσεως των.
